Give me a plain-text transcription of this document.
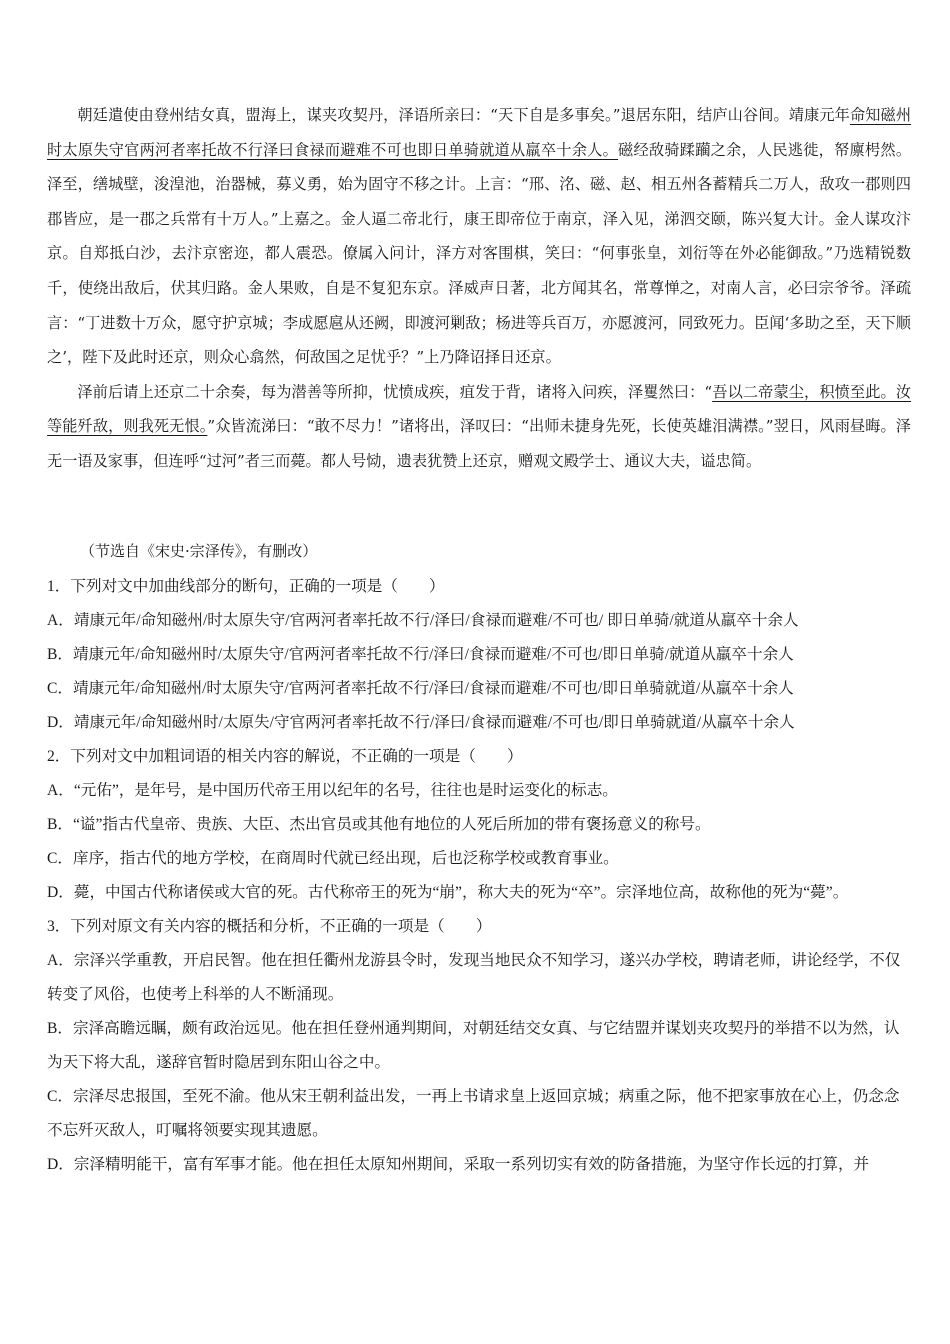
朝廷遣使由登州结女真，盟海上，谋夹攻契丹，泽语所亲曰：“天下自是多事矣。”退居东阳，结庐山谷间。靖康元年命知磁州时太原失守官两河者率托故不行泽曰食禄而避难不可也即日单骑就道从羸卒十余人。磁经敌骑蹂躏之余，人民逃徙，帑廪枵然。泽至，缮城壁，浚湟池，治器械，募义勇，始为固守不移之计。上言：“邢、洺、磁、赵、相五州各蓄精兵二万人，敌攻一郡则四郡皆应，是一郡之兵常有十万人。”上嘉之。金人逼二帝北行，康王即帝位于南京，泽入见，涕泗交颐，陈兴复大计。金人谋攻汴京。自郑抵白沙，去汴京密迩，都人震恐。僚属入问计，泽方对客围棋，笑曰：“何事张皇，刘衍等在外必能御敌。”乃选精锐数千，使绕出敌后，伏其归路。金人果败，自是不复犯东京。泽威声日著，北方闻其名，常尊惮之，对南人言，必曰宗爷爷。泽疏言：“丁进数十万众，愿守护京城；李成愿扈从还阙，即渡河剿敌；杨进等兵百万，亦愿渡河，同致死力。臣闻‘多助之至，天下顺之’，陛下及此时还京，则众心翕然，何敌国之足忧乎？”上乃降诏择日还京。

泽前后请上还京二十余奏，每为潜善等所抑，忧愤成疾，疽发于背，诸将入问疾，泽矍然曰：“吾以二帝蒙尘，积愤至此。汝等能歼敌，则我死无恨。”众皆流涕曰：“敢不尽力！”诸将出，泽叹曰：“出师未捷身先死，长使英雄泪满襟。”翌日，风雨昼晦。泽无一语及家事，但连呼“过河”者三而薨。都人号恸，遗表犹赞上还京，赠观文殿学士、通议大夫，谥忠简。

（节选自《宋史·宗泽传》，有删改）

1．下列对文中加曲线部分的断句，正确的一项是（　　）

A．靖康元年/命知磁州/时太原失守/官两河者率托故不行/泽曰/食禄而避难/不可也/ 即日单骑/就道从羸卒十余人

B．靖康元年/命知磁州时/太原失守/官两河者率托故不行/泽曰/食禄而避难/不可也/即日单骑/就道从羸卒十余人

C．靖康元年/命知磁州/时太原失守/官两河者率托故不行/泽曰/食禄而避难/不可也/即日单骑就道/从羸卒十余人

D．靖康元年/命知磁州时/太原失/守官两河者率托故不行/泽曰/食禄而避难/不可也/即日单骑就道/从羸卒十余人

2．下列对文中加粗词语的相关内容的解说，不正确的一项是（　　）

A．“元佑”，是年号，是中国历代帝王用以纪年的名号，往往也是时运变化的标志。

B．“谥”指古代皇帝、贵族、大臣、杰出官员或其他有地位的人死后所加的带有褒扬意义的称号。

C．庠序，指古代的地方学校，在商周时代就已经出现，后也泛称学校或教育事业。

D．薨，中国古代称诸侯或大官的死。古代称帝王的死为“崩”，称大夫的死为“卒”。宗泽地位高，故称他的死为“薨”。

3．下列对原文有关内容的概括和分析，不正确的一项是（　　）

A．宗泽兴学重教，开启民智。他在担任衢州龙游县令时，发现当地民众不知学习，遂兴办学校，聘请老师，讲论经学，不仅转变了风俗，也使考上科举的人不断涌现。

B．宗泽高瞻远瞩，颇有政治远见。他在担任登州通判期间，对朝廷结交女真、与它结盟并谋划夹攻契丹的举措不以为然，认为天下将大乱，遂辞官暂时隐居到东阳山谷之中。

C．宗泽尽忠报国，至死不渝。他从宋王朝利益出发，一再上书请求皇上返回京城；病重之际，他不把家事放在心上，仍念念不忘歼灭敌人，叮嘱将领要实现其遗愿。

D．宗泽精明能干，富有军事才能。他在担任太原知州期间，采取一系列切实有效的防备措施，为坚守作长远的打算，并
